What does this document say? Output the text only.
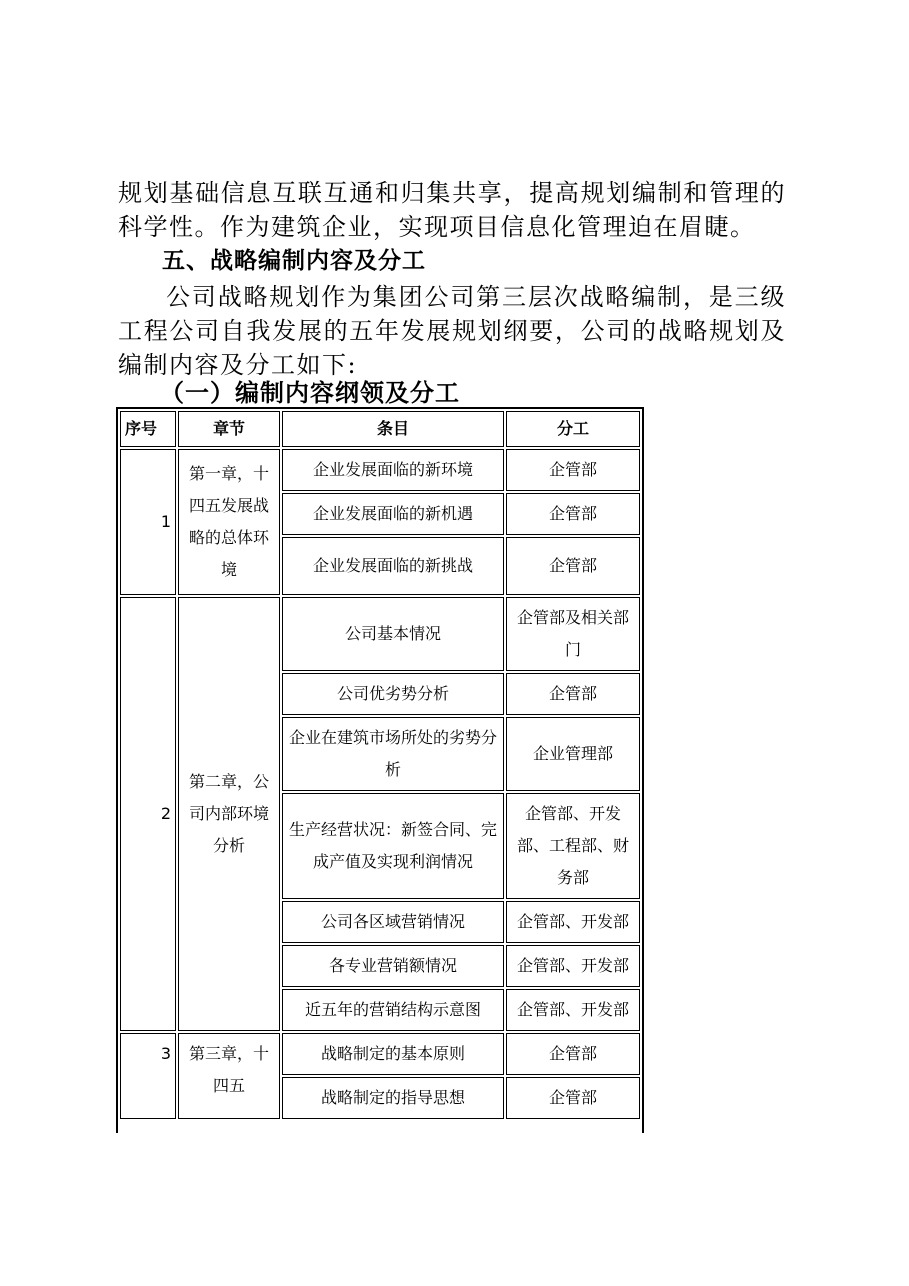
规划基础信息互联互通和归集共享，提高规划编制和管理的科学性。作为建筑企业，实现项目信息化管理迫在眉睫。

五、战略编制内容及分工

公司战略规划作为集团公司第三层次战略编制，是三级工程公司自我发展的五年发展规划纲要，公司的战略规划及编制内容及分工如下:

（一）编制内容纲领及分工
序号	章节	条目	分工
1	第一章，十四五发展战略的总体环境	企业发展面临的新环境	企管部
		企业发展面临的新机遇	企管部
		企业发展面临的新挑战	企管部
2	第二章，公司内部环境分析	公司基本情况	企管部及相关部门
		公司优劣势分析	企管部
		企业在建筑市场所处的劣势分析	企业管理部
		生产经营状况：新签合同、完成产值及实现利润情况	企管部、开发部、工程部、财务部
		公司各区域营销情况	企管部、开发部
		各专业营销额情况	企管部、开发部
		近五年的营销结构示意图	企管部、开发部
3	第三章，十四五	战略制定的基本原则	企管部
		战略制定的指导思想	企管部
